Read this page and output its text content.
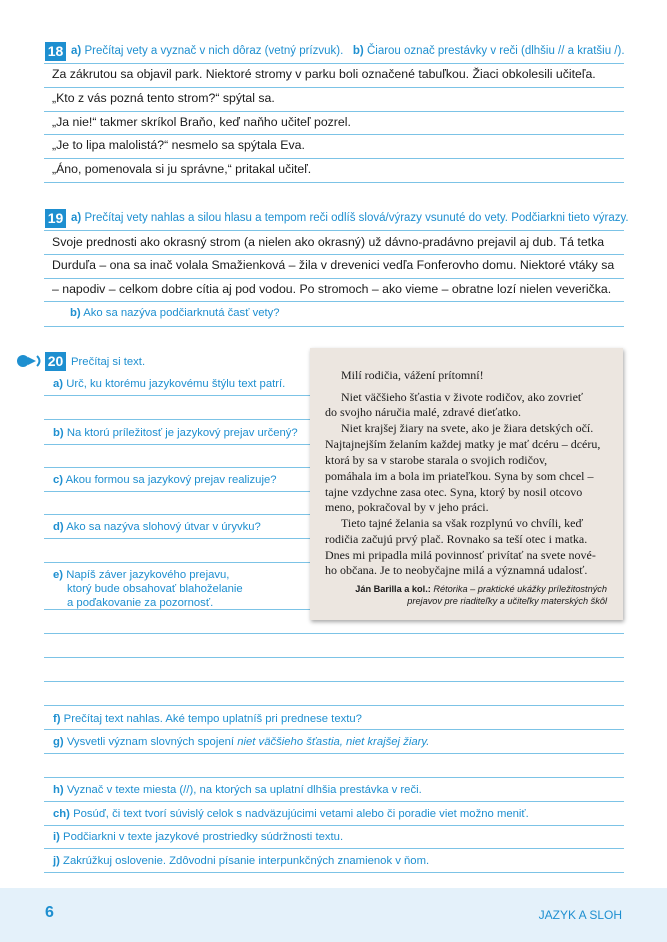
18 a) Prečítaj vety a vyznač v nich dôraz (vetný prízvuk). b) Čiarou označ prestávky v reči (dlhšiu // a kratšiu /).
Za zákrutou sa objavil park. Niektoré stromy v parku boli označené tabuľkou. Žiaci obkolesili učiteľa.
„Kto z vás pozná tento strom?“ spýtal sa.
„Ja nie!“ takmer skríkol Braňo, keď naňho učiteľ pozrel.
„Je to lipa malolistá?“ nesmelo sa spýtala Eva.
„Áno, pomenovala si ju správne,“ pritakal učiteľ.
19 a) Prečítaj vety nahlas a silou hlasu a tempom reči odlíš slová/výrazy vsunuté do vety. Podčiarkni tieto výrazy.
Svoje prednosti ako okrasný strom (a nielen ako okrasný) už dávno-pradávno prejavil aj dub. Tá tetka
Durduľa – ona sa inač volala Smažienková – žila v drevenici vedľa Fonferovho domu. Niektoré vtáky sa
– napodiv – celkom dobre cítia aj pod vodou. Po stromoch – ako vieme – obratne lozí nielen veverička.
b) Ako sa nazýva podčiarknutá časť vety?
20 Prečítaj si text.
a) Urč, ku ktorému jazykovému štýlu text patrí.
b) Na ktorú príležitosť je jazykový prejav určený?
c) Akou formou sa jazykový prejav realizuje?
d) Ako sa nazýva slohový útvar v úryvku?
e) Napíš záver jazykového prejavu,
ktorý bude obsahovať blahoželanie
a poďakovanie za pozornosť.
f) Prečítaj text nahlas. Aké tempo uplatníš pri prednese textu?
g) Vysvetli význam slovných spojení niet väčšieho šťastia, niet krajšej žiary.
h) Vyznač v texte miesta (//), na ktorých sa uplatní dlhšia prestávka v reči.
ch) Posúď, či text tvorí súvislý celok s nadväzujúcimi vetami alebo či poradie viet možno meniť.
i) Podčiarkni v texte jazykové prostriedky súdržnosti textu.
j) Zakrúžkuj oslovenie. Zdôvodni písanie interpunkčných znamienok v ňom.
Milí rodičia, vážení prítomní!
Niet väčšieho šťastia v živote rodičov, ako zovrieť
do svojho náručia malé, zdravé dieťatko.
Niet krajšej žiary na svete, ako je žiara detských očí.
Najtajnejším želaním každej matky je mať dcéru – dcéru,
ktorá by sa v starobe starala o svojich rodičov,
pomáhala im a bola im priateľkou. Syna by som chcel –
tajne vzdychne zasa otec. Syna, ktorý by nosil otcovo
meno, pokračoval by v jeho práci.
Tieto tajné želania sa však rozplynú vo chvíli, keď
rodičia začujú prvý plač. Rovnako sa teší otec i matka.
Dnes mi pripadla milá povinnosť privítať na svete nové-
ho občana. Je to neobyčajne milá a významná udalosť.
Ján Barilla a kol.: Rétorika – praktické ukážky príležitostných
prejavov pre riaditeľky a učiteľky materských škôl
6	JAZYK A SLOH
